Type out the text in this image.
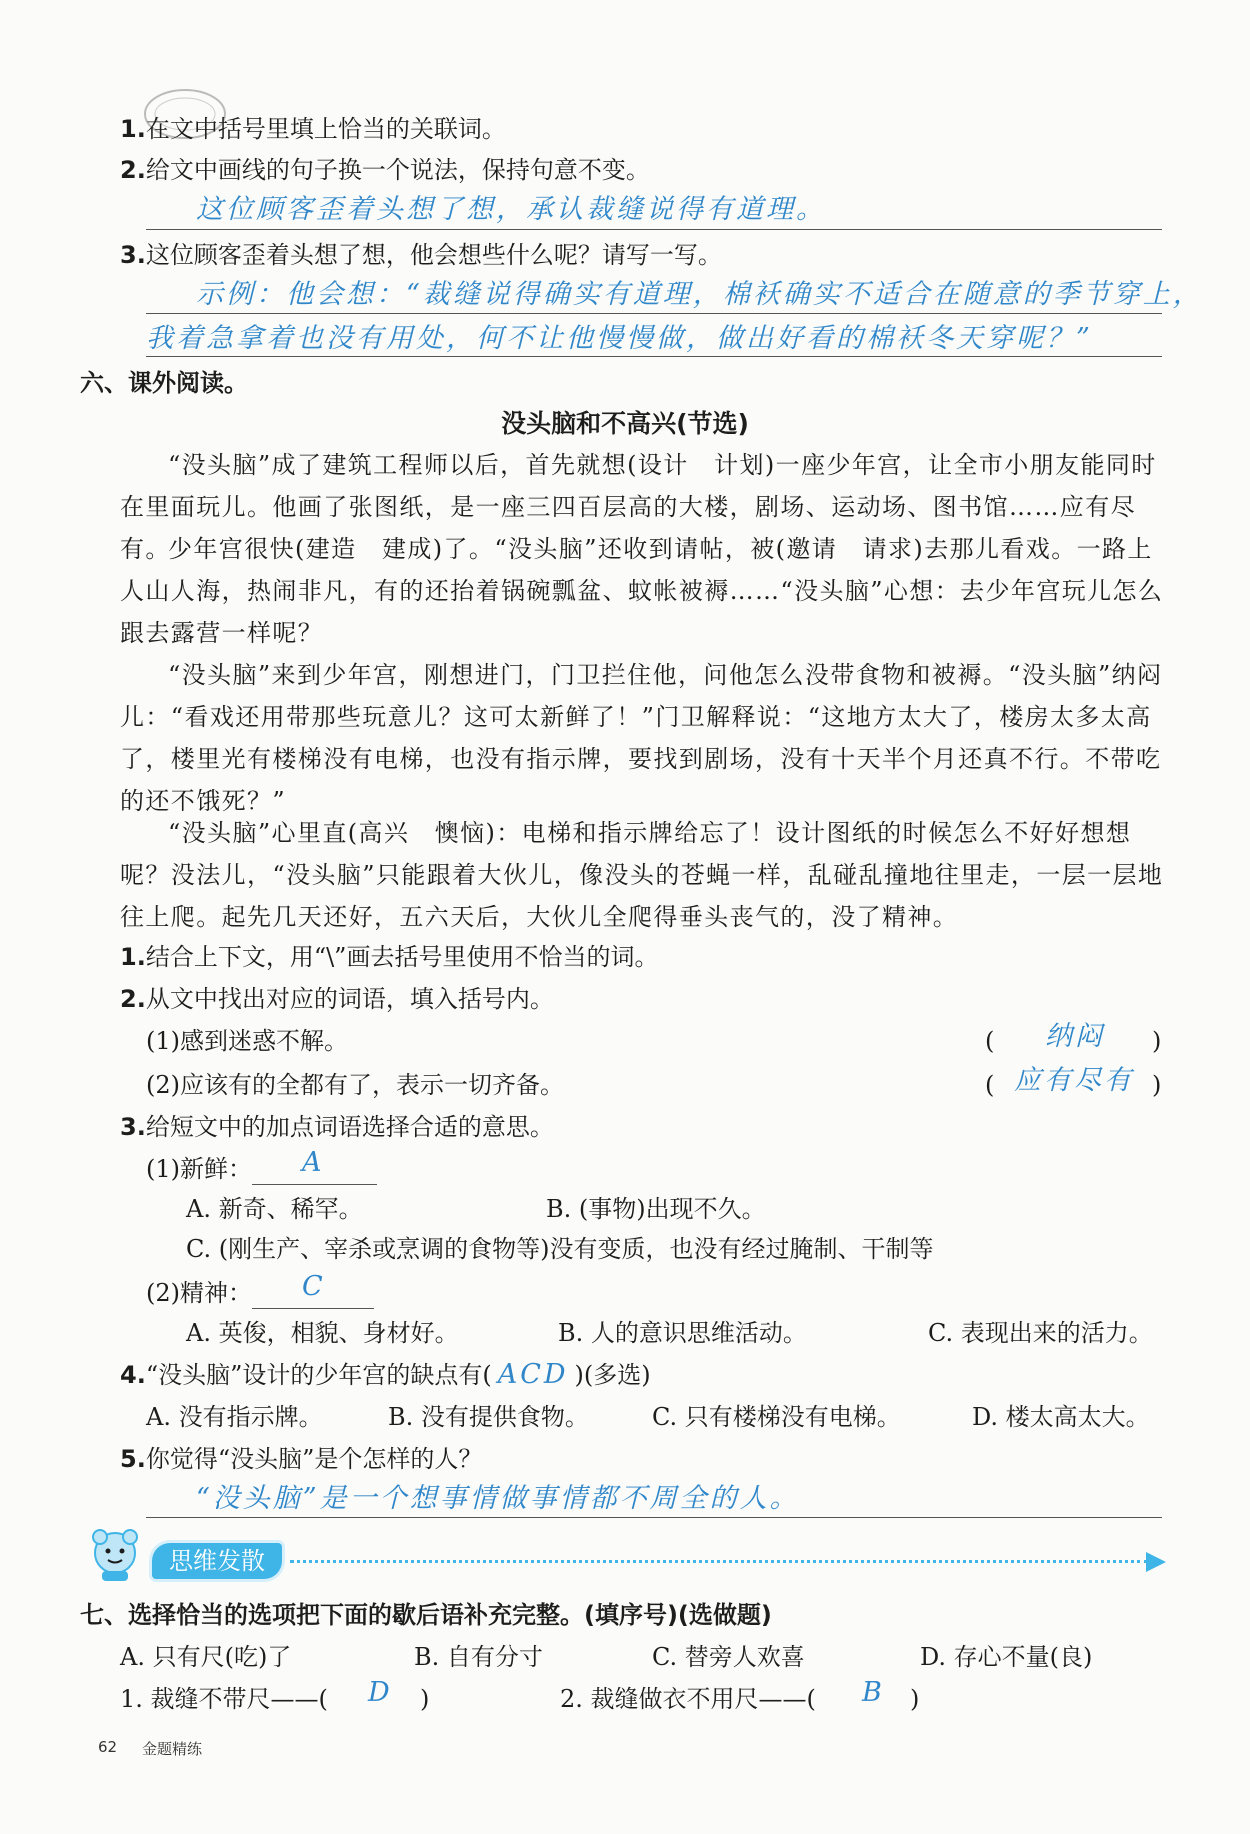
1.在文中括号里填上恰当的关联词。
2.给文中画线的句子换一个说法，保持句意不变。
这位顾客歪着头想了想，承认裁缝说得有道理。
3.这位顾客歪着头想了想，他会想些什么呢？请写一写。
示例：他会想：“裁缝说得确实有道理，棉袄确实不适合在随意的季节穿上，
我着急拿着也没有用处，何不让他慢慢做，做出好看的棉袄冬天穿呢？”
六、课外阅读。
没头脑和不高兴(节选)
“没头脑”成了建筑工程师以后，首先就想(设计　计划)一座少年宫，让全市小朋友能同时在里面玩儿。他画了张图纸，是一座三四百层高的大楼，剧场、运动场、图书馆……应有尽有。
少年宫很快(建造　建成)了。“没头脑”还收到请帖，被(邀请　请求)去那儿看戏。一路上人山人海，热闹非凡，有的还抬着锅碗瓢盆、蚊帐被褥……“没头脑”心想：去少年宫玩儿怎么跟去露营一样呢？
“没头脑”来到少年宫，刚想进门，门卫拦住他，问他怎么没带食物和被褥。“没头脑”纳闷儿：“看戏还用带那些玩意儿？这可太新鲜了！”门卫解释说：“这地方太大了，楼房太多太高了，楼里光有楼梯没有电梯，也没有指示牌，要找到剧场，没有十天半个月还真不行。不带吃的还不饿死？”
“没头脑”心里直(高兴　懊恼)：电梯和指示牌给忘了！设计图纸的时候怎么不好好想想呢？没法儿，“没头脑”只能跟着大伙儿，像没头的苍蝇一样，乱碰乱撞地往里走，一层一层地往上爬。起先几天还好，五六天后，大伙儿全爬得垂头丧气的，没了精神。
1.结合上下文，用“\”画去括号里使用不恰当的词。
2.从文中找出对应的词语，填入括号内。
(1)感到迷惑不解。	( 纳闷 )
(2)应该有的全都有了，表示一切齐备。	( 应有尽有 )
3.给短文中的加点词语选择合适的意思。
(1)新鲜： A
A. 新奇、稀罕。	B. (事物)出现不久。
C. (刚生产、宰杀或烹调的食物等)没有变质，也没有经过腌制、干制等
(2)精神： C
A. 英俊，相貌、身材好。	B. 人的意识思维活动。	C. 表现出来的活力。
4.“没头脑”设计的少年宫的缺点有( ACD )(多选)
A. 没有指示牌。	B. 没有提供食物。	C. 只有楼梯没有电梯。	D. 楼太高太大。
5.你觉得“没头脑”是个怎样的人？
“没头脑”是一个想事情做事情都不周全的人。
思维发散
七、选择恰当的选项把下面的歇后语补充完整。(填序号)(选做题)
A. 只有尺(吃)了	B. 自有分寸	C. 替旁人欢喜	D. 存心不量(良)
1. 裁缝不带尺——( D )	2. 裁缝做衣不用尺——( B )
62 金题精练
